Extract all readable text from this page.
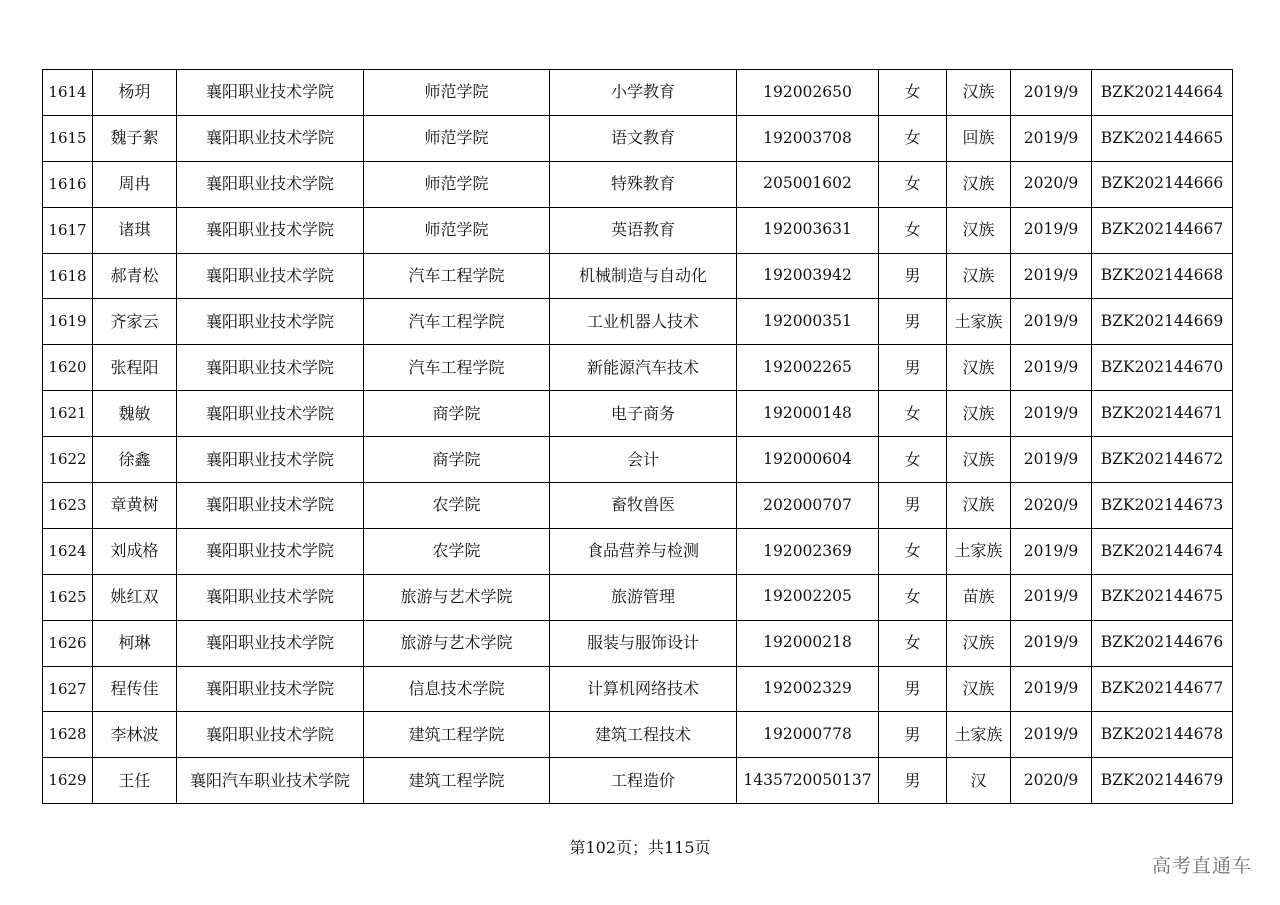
1614	杨玥	襄阳职业技术学院	师范学院	小学教育	192002650	女	汉族	2019/9	BZK202144664
1615	魏子絮	襄阳职业技术学院	师范学院	语文教育	192003708	女	回族	2019/9	BZK202144665
1616	周冉	襄阳职业技术学院	师范学院	特殊教育	205001602	女	汉族	2020/9	BZK202144666
1617	诸琪	襄阳职业技术学院	师范学院	英语教育	192003631	女	汉族	2019/9	BZK202144667
1618	郝青松	襄阳职业技术学院	汽车工程学院	机械制造与自动化	192003942	男	汉族	2019/9	BZK202144668
1619	齐家云	襄阳职业技术学院	汽车工程学院	工业机器人技术	192000351	男	土家族	2019/9	BZK202144669
1620	张程阳	襄阳职业技术学院	汽车工程学院	新能源汽车技术	192002265	男	汉族	2019/9	BZK202144670
1621	魏敏	襄阳职业技术学院	商学院	电子商务	192000148	女	汉族	2019/9	BZK202144671
1622	徐鑫	襄阳职业技术学院	商学院	会计	192000604	女	汉族	2019/9	BZK202144672
1623	章黄树	襄阳职业技术学院	农学院	畜牧兽医	202000707	男	汉族	2020/9	BZK202144673
1624	刘成格	襄阳职业技术学院	农学院	食品营养与检测	192002369	女	土家族	2019/9	BZK202144674
1625	姚红双	襄阳职业技术学院	旅游与艺术学院	旅游管理	192002205	女	苗族	2019/9	BZK202144675
1626	柯琳	襄阳职业技术学院	旅游与艺术学院	服装与服饰设计	192000218	女	汉族	2019/9	BZK202144676
1627	程传佳	襄阳职业技术学院	信息技术学院	计算机网络技术	192002329	男	汉族	2019/9	BZK202144677
1628	李林波	襄阳职业技术学院	建筑工程学院	建筑工程技术	192000778	男	土家族	2019/9	BZK202144678
1629	王任	襄阳汽车职业技术学院	建筑工程学院	工程造价	1435720050137	男	汉	2020/9	BZK202144679
第102页；共115页
高考直通车
